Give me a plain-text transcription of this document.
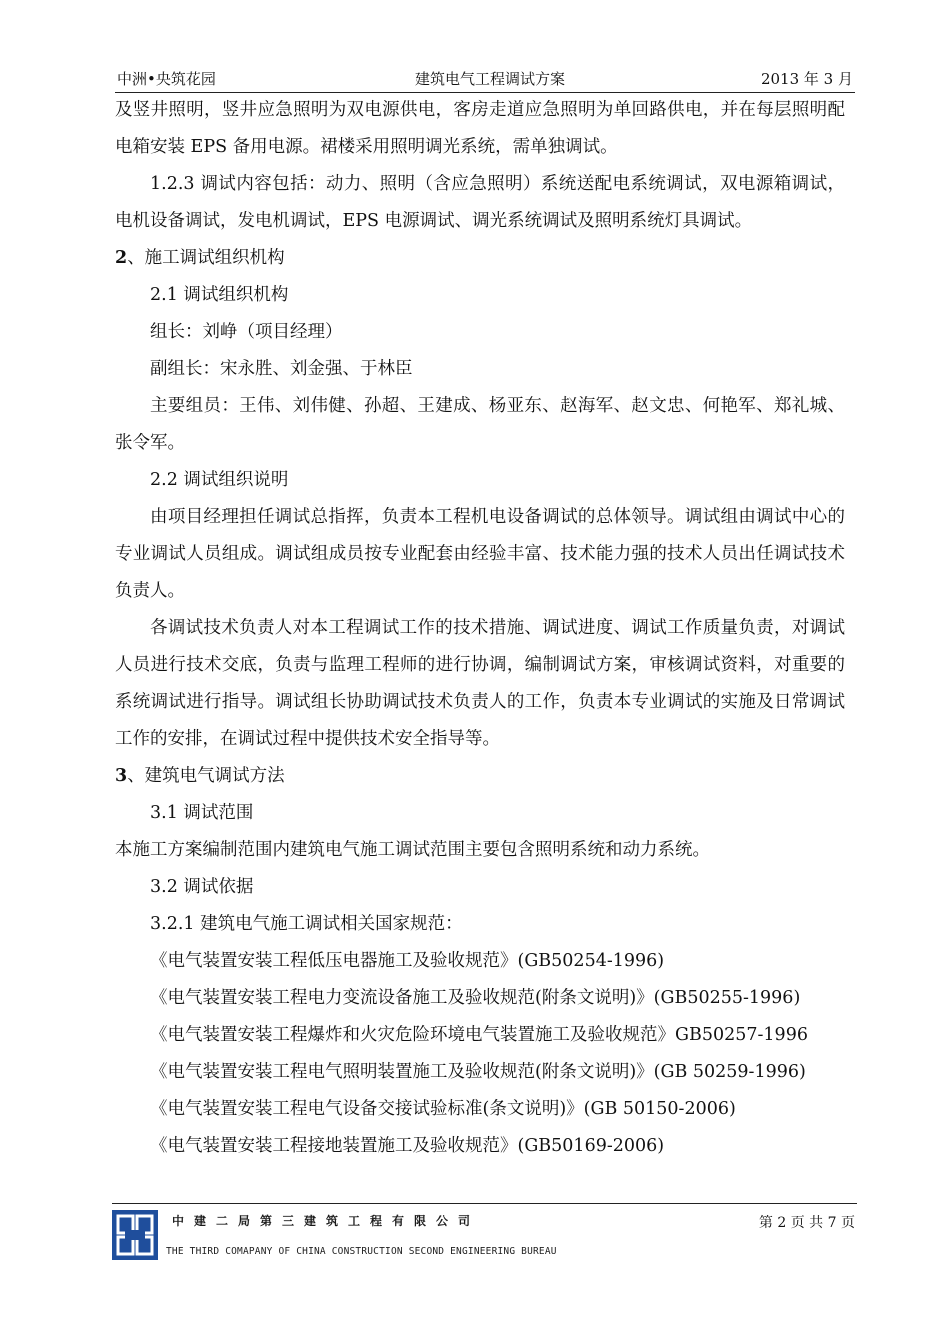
中洲•央筑花园	建筑电气工程调试方案	2013 年 3 月

及竖井照明，竖井应急照明为双电源供电，客房走道应急照明为单回路供电，并在每层照明配电箱安装 EPS 备用电源。裙楼采用照明调光系统，需单独调试。

1.2.3 调试内容包括：动力、照明（含应急照明）系统送配电系统调试，双电源箱调试，电机设备调试，发电机调试，EPS 电源调试、调光系统调试及照明系统灯具调试。

2、施工调试组织机构

2.1 调试组织机构

组长：刘峥（项目经理）

副组长：宋永胜、刘金强、于林臣

主要组员：王伟、刘伟健、孙超、王建成、杨亚东、赵海军、赵文忠、何艳军、郑礼城、张令军。

2.2 调试组织说明

由项目经理担任调试总指挥，负责本工程机电设备调试的总体领导。调试组由调试中心的专业调试人员组成。调试组成员按专业配套由经验丰富、技术能力强的技术人员出任调试技术负责人。

各调试技术负责人对本工程调试工作的技术措施、调试进度、调试工作质量负责，对调试人员进行技术交底，负责与监理工程师的进行协调，编制调试方案，审核调试资料，对重要的系统调试进行指导。调试组长协助调试技术负责人的工作，负责本专业调试的实施及日常调试工作的安排，在调试过程中提供技术安全指导等。

3、建筑电气调试方法

3.1 调试范围

本施工方案编制范围内建筑电气施工调试范围主要包含照明系统和动力系统。

3.2 调试依据

3.2.1 建筑电气施工调试相关国家规范：

《电气装置安装工程低压电器施工及验收规范》(GB50254-1996)

《电气装置安装工程电力变流设备施工及验收规范(附条文说明)》(GB50255-1996)

《电气装置安装工程爆炸和火灾危险环境电气装置施工及验收规范》GB50257-1996

《电气装置安装工程电气照明装置施工及验收规范(附条文说明)》(GB 50259-1996)

《电气装置安装工程电气设备交接试验标准(条文说明)》(GB 50150-2006)

《电气装置安装工程接地装置施工及验收规范》(GB50169-2006)

中建二局第三建筑工程有限公司
THE THIRD COMAPANY OF CHINA CONSTRUCTION SECOND ENGINEERING BUREAU
第 2 页 共 7 页
